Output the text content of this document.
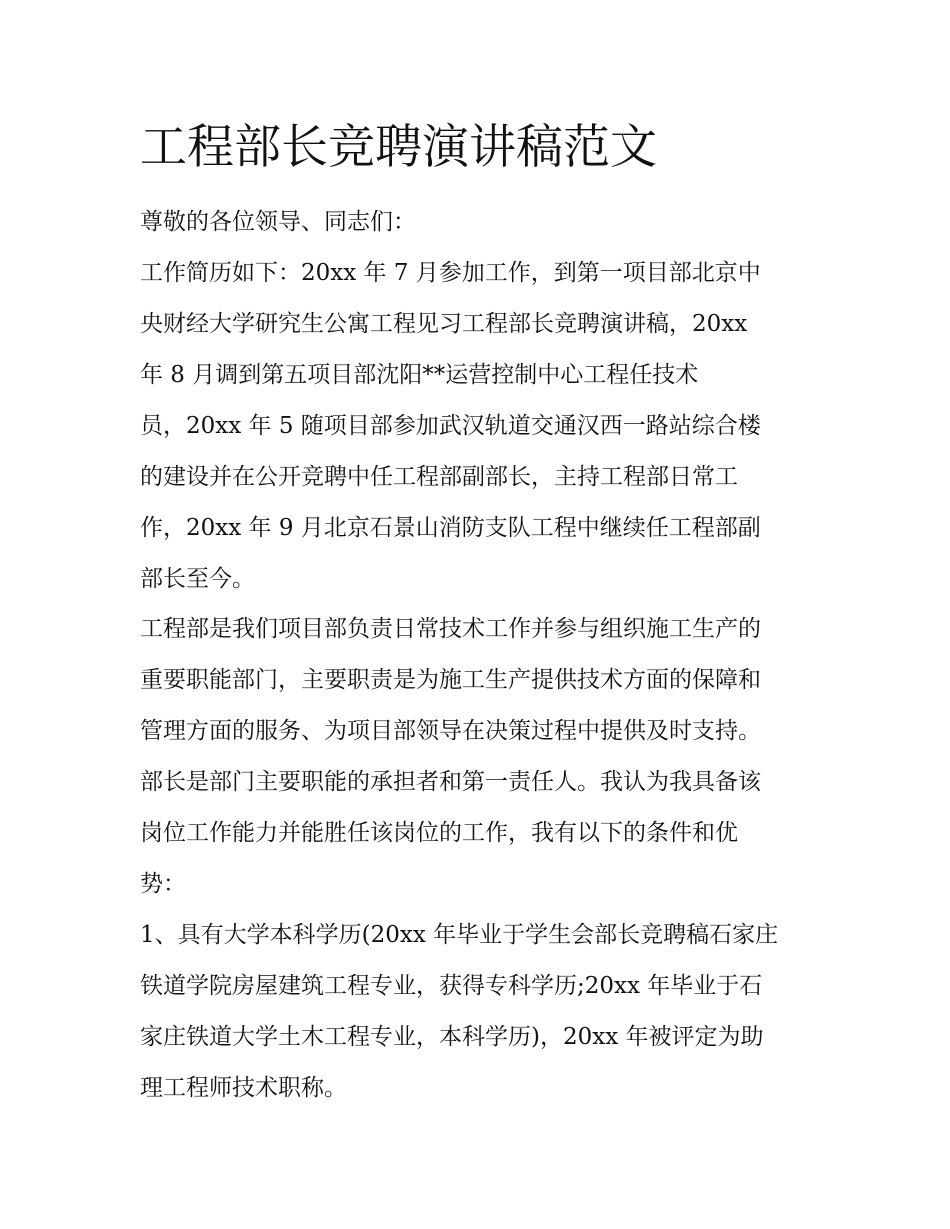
工程部长竞聘演讲稿范文

尊敬的各位领导、同志们：

工作简历如下：20xx 年 7 月参加工作，到第一项目部北京中

央财经大学研究生公寓工程见习工程部长竞聘演讲稿，20xx

年 8 月调到第五项目部沈阳**运营控制中心工程任技术

员，20xx 年 5 随项目部参加武汉轨道交通汉西一路站综合楼

的建设并在公开竞聘中任工程部副部长，主持工程部日常工

作，20xx 年 9 月北京石景山消防支队工程中继续任工程部副

部长至今。

工程部是我们项目部负责日常技术工作并参与组织施工生产的

重要职能部门，主要职责是为施工生产提供技术方面的保障和

管理方面的服务、为项目部领导在决策过程中提供及时支持。

部长是部门主要职能的承担者和第一责任人。我认为我具备该

岗位工作能力并能胜任该岗位的工作，我有以下的条件和优

势：

1、具有大学本科学历(20xx 年毕业于学生会部长竞聘稿石家庄

铁道学院房屋建筑工程专业，获得专科学历;20xx 年毕业于石

家庄铁道大学土木工程专业，本科学历)，20xx 年被评定为助

理工程师技术职称。
